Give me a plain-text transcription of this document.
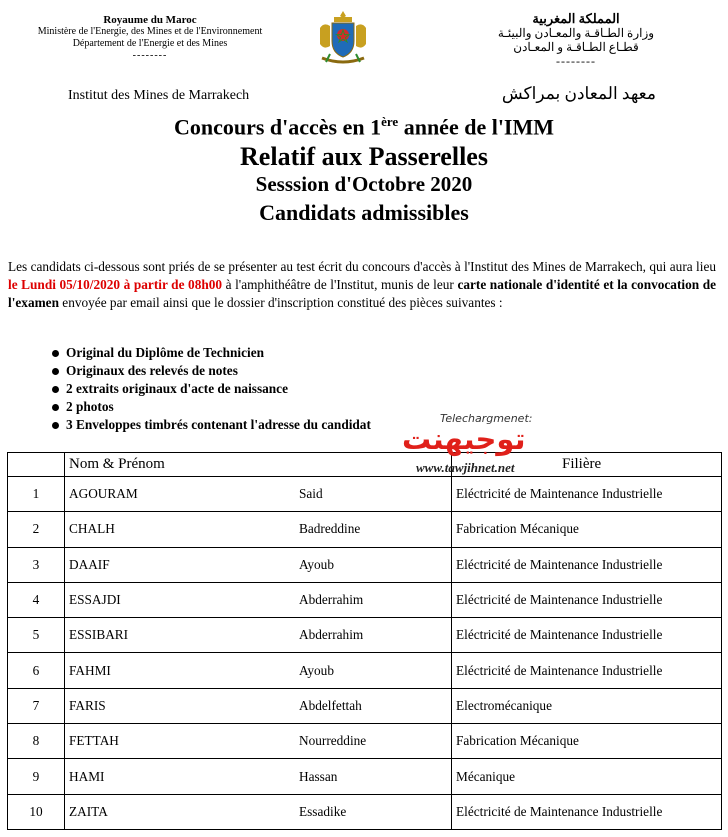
Royaume du Maroc
Ministère de l'Energie, des Mines et de l'Environnement
Département de l'Energie et des Mines
--------
المملكة المغربية
وزارة الطـاقـة والمعـادن والبيئـة
قطـاع الطـاقـة و المعـادن
--------
Institut des Mines de Marrakech	معهد المعادن بمراكش
Concours d'accès en 1ère année de l'IMM
Relatif aux Passerelles
Sesssion d'Octobre 2020
Candidats admissibles
Les candidats ci-dessous sont priés de se présenter au test écrit du concours d'accès à l'Institut des Mines de Marrakech, qui aura lieu le Lundi 05/10/2020 à partir de 08h00 à l'amphithéâtre de l'Institut, munis de leur carte nationale d'identité et la convocation de l'examen envoyée par email ainsi que le dossier d'inscription constitué des pièces suivantes :
Original du Diplôme de Technicien
Originaux des relevés de notes
2 extraits originaux d'acte de naissance
2 photos
3 Enveloppes timbrés contenant l'adresse du candidat
	Nom & Prénom	Filière
1	AGOURAM Said	Eléctricité de Maintenance Industrielle
2	CHALH Badreddine	Fabrication Mécanique
3	DAAIF Ayoub	Eléctricité de Maintenance Industrielle
4	ESSAJDI Abderrahim	Eléctricité de Maintenance Industrielle
5	ESSIBARI Abderrahim	Eléctricité de Maintenance Industrielle
6	FAHMI Ayoub	Eléctricité de Maintenance Industrielle
7	FARIS Abdelfettah	Electromécanique
8	FETTAH Nourreddine	Fabrication Mécanique
9	HAMI Hassan	Mécanique
10	ZAITA Essadike	Eléctricité de Maintenance Industrielle
Telechargmenet:
توجيهنت
www.tawjihnet.net
